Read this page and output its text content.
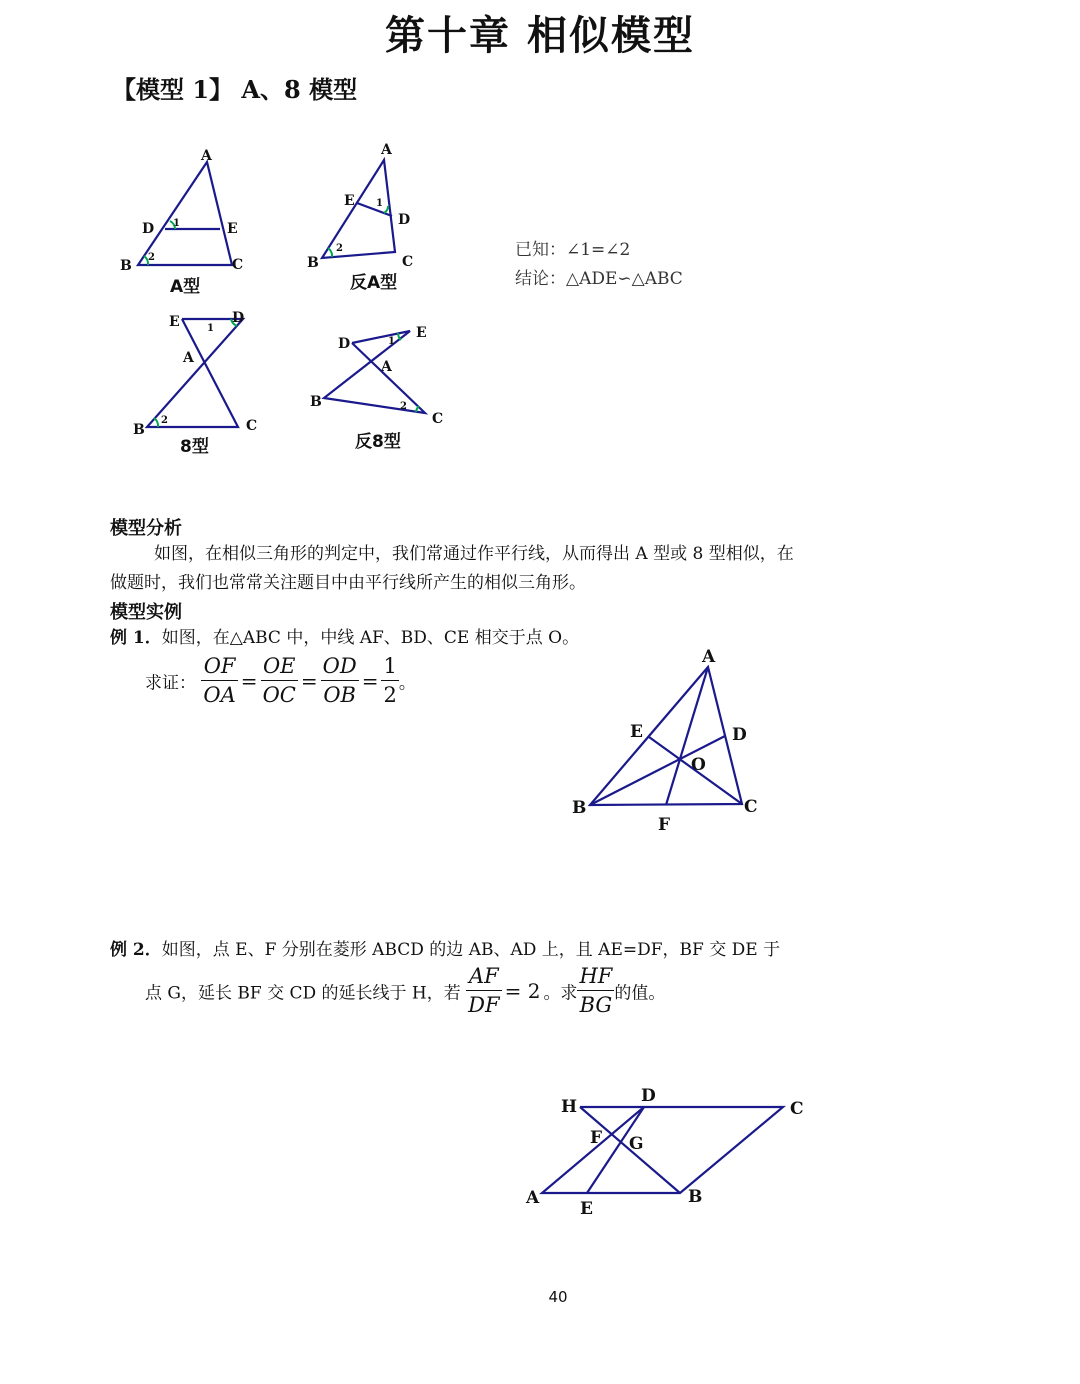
第十章 相似模型
【模型 1】 A、8 模型
A
B	C
D	E
1
2
A型
A
B	C
D
E 1
2
反A型
已知：∠1=∠2
结论：△ADE∽△ABC
E	D
A
B	C
1
2
8型
D
E
A
B
C
1
2
反8型
模型分析
如图，在相似三角形的判定中，我们常通过作平行线，从而得出 A 型或 8 型相似，在
做题时，我们也常常关注题目中由平行线所产生的相似三角形。
模型实例
例 1．如图，在△ABC 中，中线 AF、BD、CE 相交于点 O。
求证： $\frac{OF}{OA} = \frac{OE}{OC} = \frac{OD}{OB} = \frac{1}{2}$ 。
A
B	C
D
E
F
O
例 2．如图，点 E、F 分别在菱形 ABCD 的边 AB、AD 上，且 AE=DF，BF 交 DE 于
点 G，延长 BF 交 CD 的延长线于 H，若 $\frac{AF}{DF} = 2$ 。求 $\frac{HF}{BG}$ 的值。
H
D
C
F G
A
E
B
40
